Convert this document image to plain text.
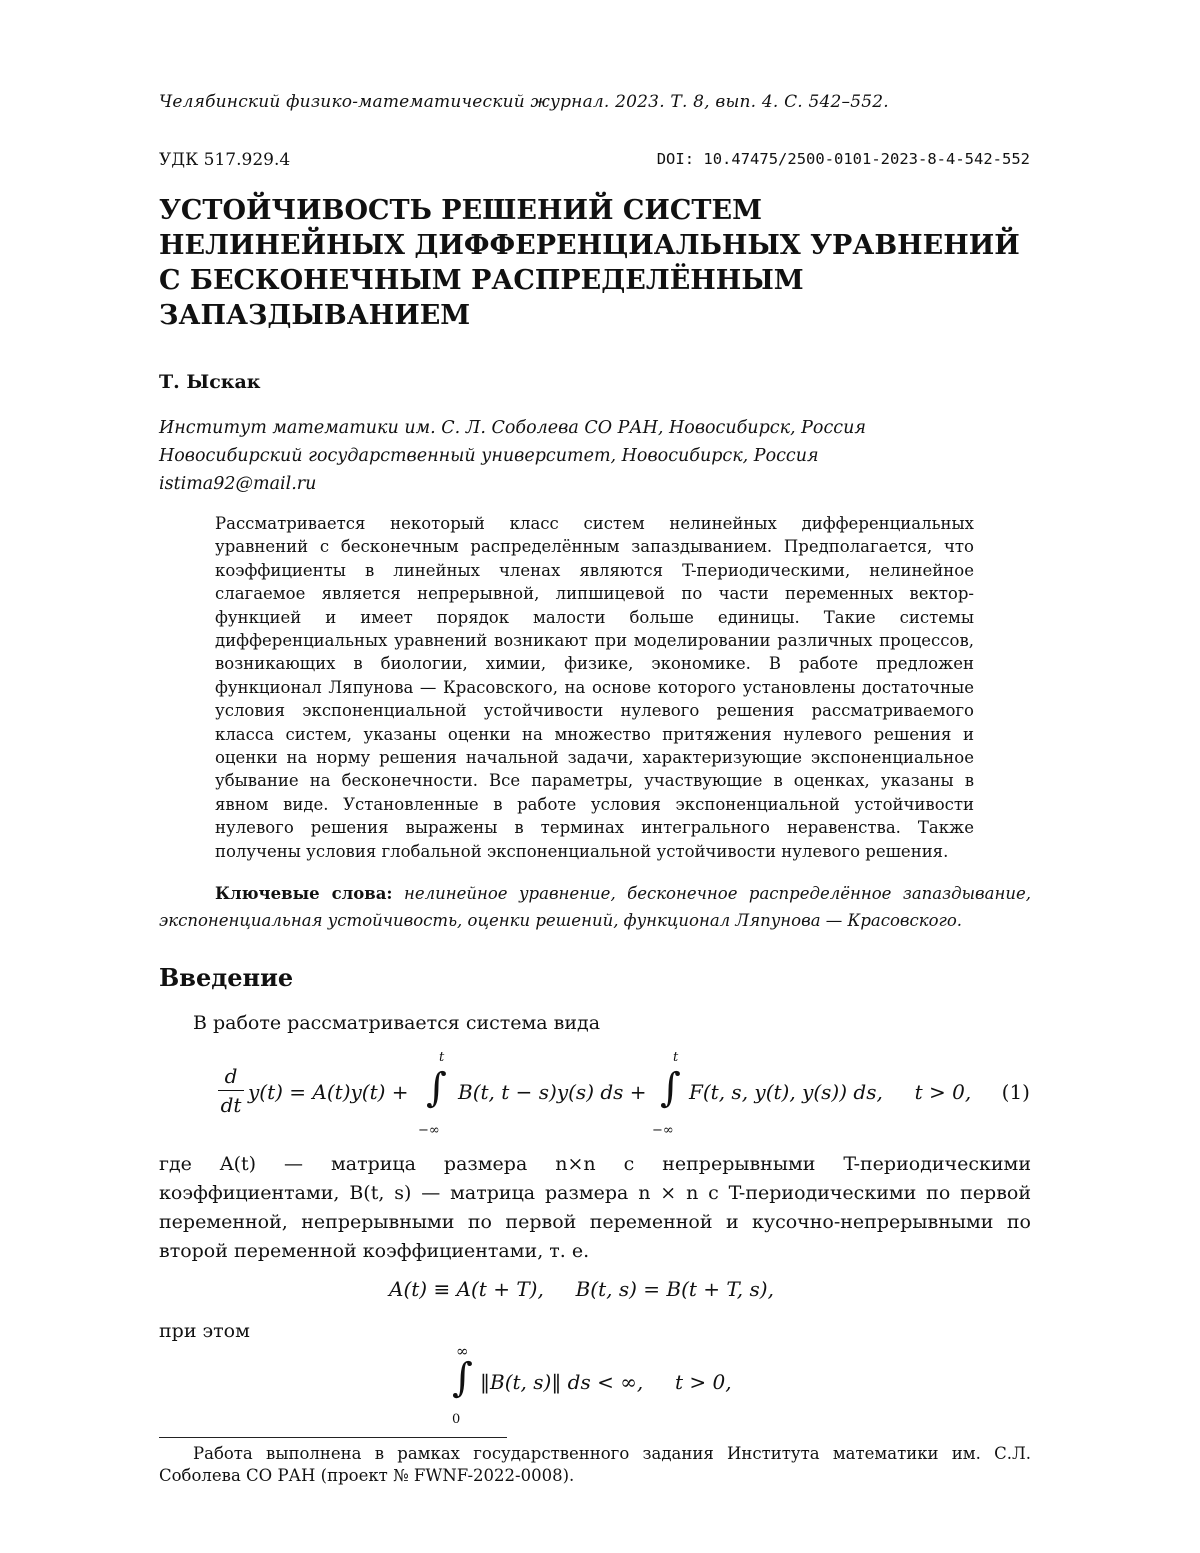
Челябинский физико-математический журнал. 2023. Т. 8, вып. 4. С. 542–552.
УДК 517.929.4	DOI: 10.47475/2500-0101-2023-8-4-542-552
УСТОЙЧИВОСТЬ РЕШЕНИЙ СИСТЕМ
НЕЛИНЕЙНЫХ ДИФФЕРЕНЦИАЛЬНЫХ УРАВНЕНИЙ
С БЕСКОНЕЧНЫМ РАСПРЕДЕЛЁННЫМ
ЗАПАЗДЫВАНИЕМ
Т. Ыскак
Институт математики им. С. Л. Соболева СО РАН, Новосибирск, Россия
Новосибирский государственный университет, Новосибирск, Россия
istima92@mail.ru
Рассматривается некоторый класс систем нелинейных дифференциальных уравнений с бесконечным распределённым запаздыванием. Предполагается, что коэффициенты в линейных членах являются T-периодическими, нелинейное слагаемое является непрерывной, липшицевой по части переменных вектор-функцией и имеет порядок малости больше единицы. Такие системы дифференциальных уравнений возникают при моделировании различных процессов, возникающих в биологии, химии, физике, экономике. В работе предложен функционал Ляпунова — Красовского, на основе которого установлены достаточные условия экспоненциальной устойчивости нулевого решения рассматриваемого класса систем, указаны оценки на множество притяжения нулевого решения и оценки на норму решения начальной задачи, характеризующие экспоненциальное убывание на бесконечности. Все параметры, участвующие в оценках, указаны в явном виде. Установленные в работе условия экспоненциальной устойчивости нулевого решения выражены в терминах интегрального неравенства. Также получены условия глобальной экспоненциальной устойчивости нулевого решения.
Ключевые слова: нелинейное уравнение, бесконечное распределённое запаздывание, экспоненциальная устойчивость, оценки решений, функционал Ляпунова — Красовского.
Введение
В работе рассматривается система вида
d
dt
y(t) = A(t)y(t) +
t
∫
−∞
B(t, t − s)y(s) ds +
t
∫
−∞
F(t, s, y(t), y(s)) ds,     t > 0, (1)
где A(t) — матрица размера n×n с непрерывными T-периодическими коэффициентами, B(t, s) — матрица размера n × n с T-периодическими по первой переменной, непрерывными по первой переменной и кусочно-непрерывными по второй переменной коэффициентами, т. е.
A(t) ≡ A(t + T),     B(t, s) = B(t + T, s),
при этом
∞
∫
0
‖B(t, s)‖ ds < ∞,     t > 0,
Работа выполнена в рамках государственного задания Института математики им. С.Л. Соболева СО РАН (проект № FWNF-2022-0008).
